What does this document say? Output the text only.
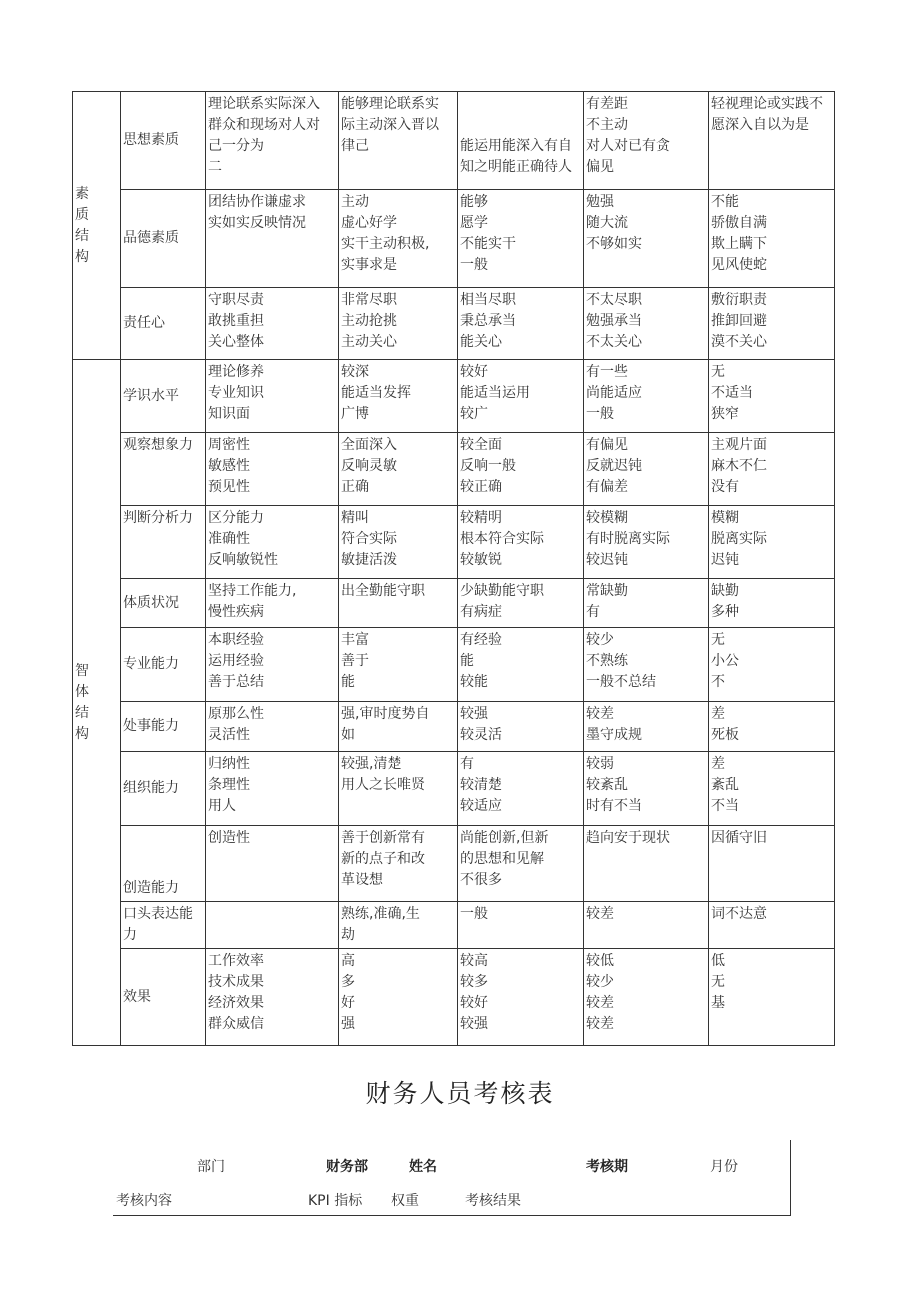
素质结构	思想素质	理论联系实际深入
群众和现场对人对
己一分为
二	能够理论联系实
际主动深入晋以
律己	能运用能深入有自
知之明能正确待人	有差距
不主动
对人对已有贪
偏见	轻视理论或实践不
愿深入自以为是

	品德素质	团结协作谦虚求
实如实反映情况	主动
虚心好学
实干主动积极,
实事求是	能够
愿学
不能实干
一般	勉强
随大流
不够如实	不能
骄傲自满
欺上瞒下
见风使蛇

	责任心	守职尽责
敢挑重担
关心整体	非常尽职
主动抢挑
主动关心	相当尽职
秉总承当
能关心	不太尽职
勉强承当
不太关心	敷衍职责
推卸回避
漠不关心

智体结构	学识水平	理论修养
专业知识
知识面	较深
能适当发挥
广博	较好
能适当运用
较广	有一些
尚能适应
一般	无
不适当
狭窄

	观察想象力	周密性
敏感性
预见性	全面深入
反响灵敏
正确	较全面
反响一般
较正确	有偏见
反就迟钝
有偏差	主观片面
麻木不仁
没有

	判断分析力	区分能力
准确性
反响敏锐性	精叫
符合实际
敏捷活泼	较精明
根本符合实际
较敏锐	较模糊
有时脱离实际
较迟钝	模糊
脱离实际
迟钝

	体质状况	坚持工作能力,
慢性疾病	出全勤能守职	少缺勤能守职
有病症	常缺勤
有	缺勤
多种

	专业能力	本职经验
运用经验
善于总结	丰富
善于
能	有经验
能
较能	较少
不熟练
一般不总结	无
小公
不

	处事能力	原那么性
灵活性	强,审时度势自
如	较强
较灵活	较差
墨守成规	差
死板

	组织能力	归纳性
条理性
用人	较强,清楚
用人之长唯贤	有
较清楚
较适应	较弱
较紊乱
时有不当	差
紊乱
不当

	创造能力	创造性	善于创新常有
新的点子和改
革设想	尚能创新,但新
的思想和见解
不很多	趋向安于现状	因循守旧

	口头表达能力		熟练,准确,生
劫	一般	较差	词不达意

	效果	工作效率
技术成果
经济效果
群众威信	高
多
好
强	较高
较多
较好
较强	较低
较少
较差
较差	低
无
基
财务人员考核表
部门	财务部	姓名	考核期	月份
考核内容	KPI 指标 权重	考核结果
